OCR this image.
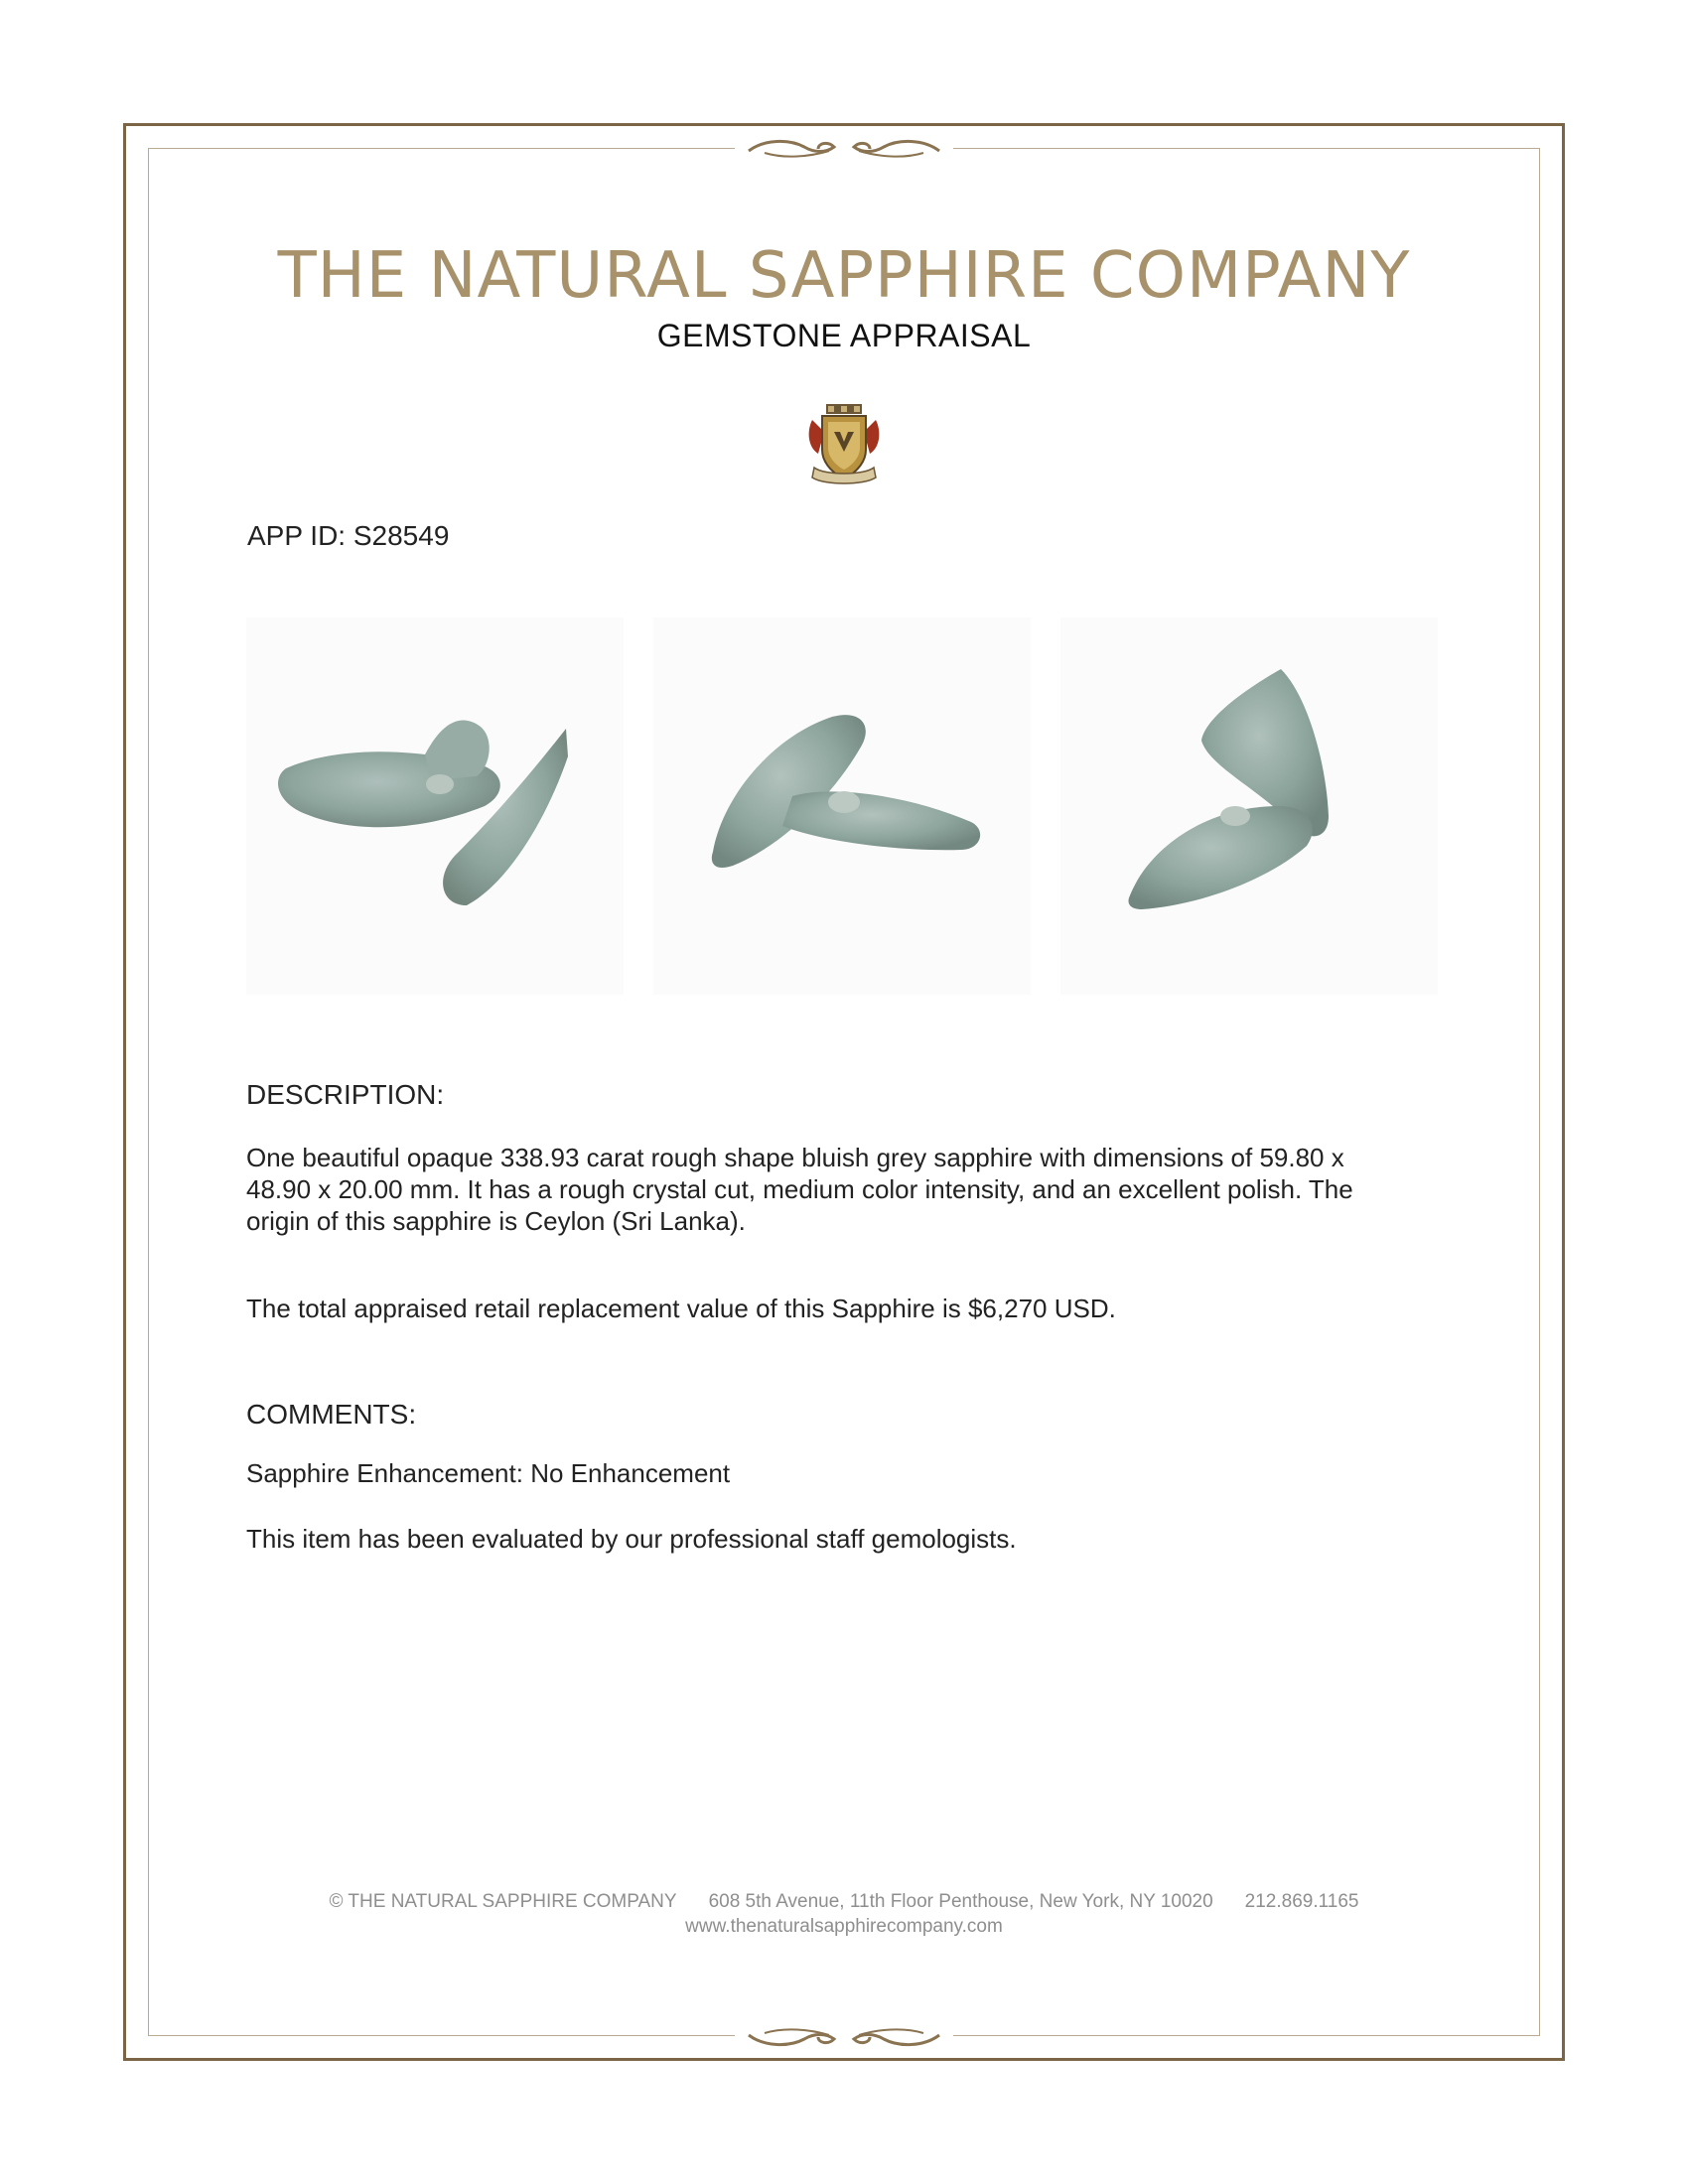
THE NATURAL SAPPHIRE COMPANY
GEMSTONE APPRAISAL
APP ID: S28549
DESCRIPTION:
One beautiful opaque 338.93 carat rough shape bluish grey sapphire with dimensions of 59.80 x
48.90 x 20.00 mm. It has a rough crystal cut, medium color intensity, and an excellent polish. The
origin of this sapphire is Ceylon (Sri Lanka).
The total appraised retail replacement value of this Sapphire is $6,270 USD.
COMMENTS:
Sapphire Enhancement: No Enhancement
This item has been evaluated by our professional staff gemologists.
© THE NATURAL SAPPHIRE COMPANY 608 5th Avenue, 11th Floor Penthouse, New York, NY 10020 212.869.1165
www.thenaturalsapphirecompany.com
